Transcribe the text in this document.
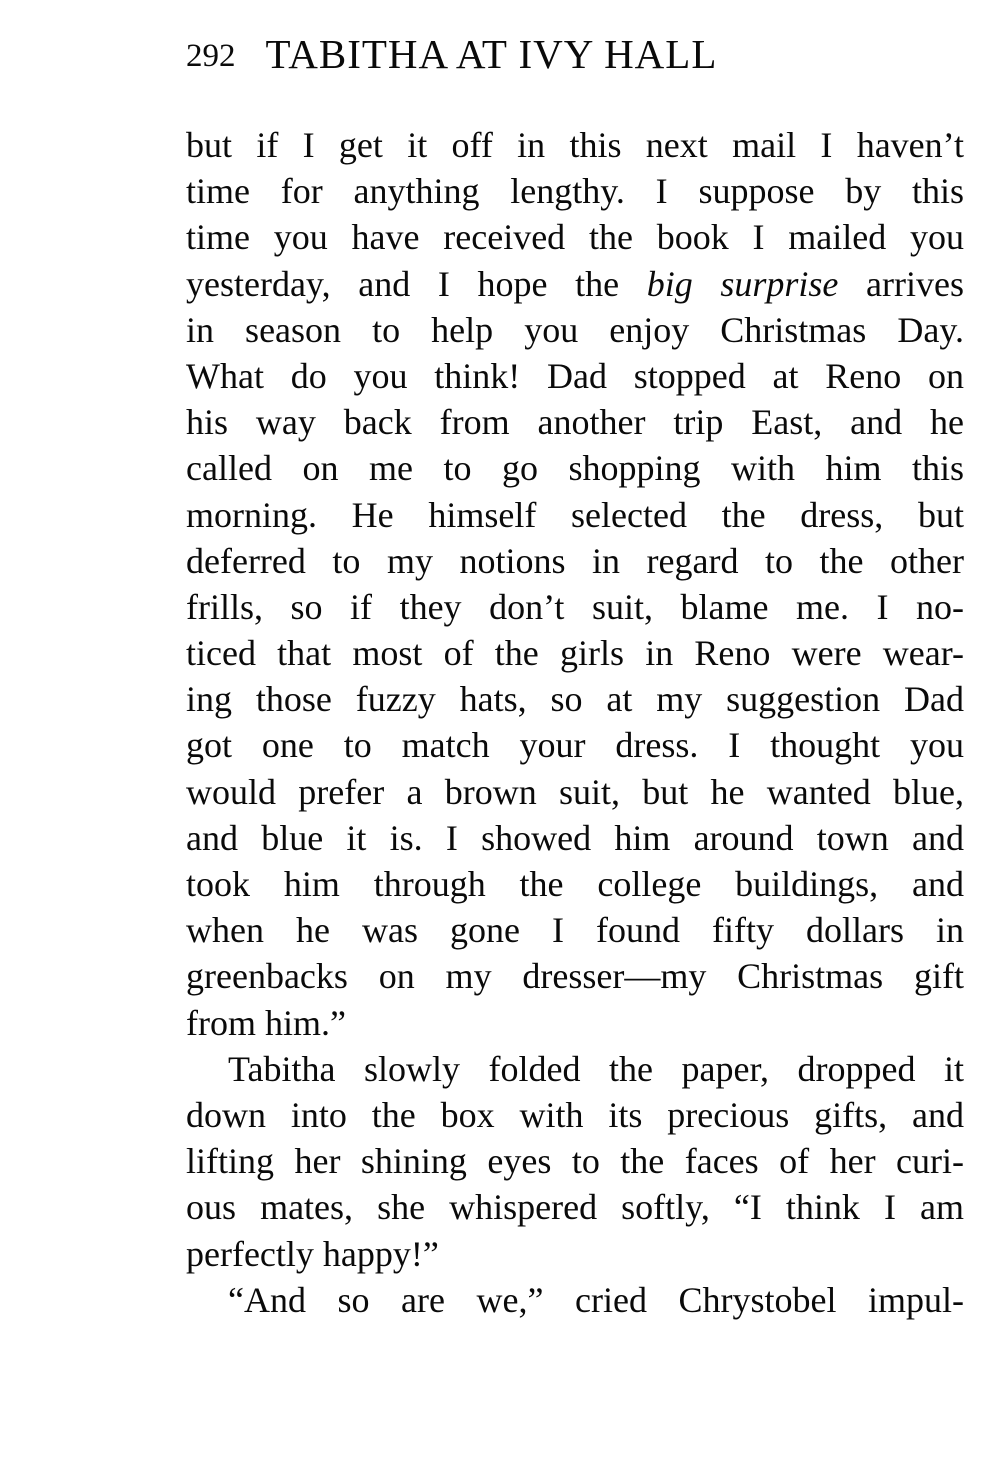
292 TABITHA AT IVY HALL
but if I get it off in this next mail I haven’t
time for anything lengthy. I suppose by this
time you have received the book I mailed you
yesterday, and I hope the big surprise arrives
in season to help you enjoy Christmas Day.
What do you think! Dad stopped at Reno on
his way back from another trip East, and he
called on me to go shopping with him this
morning. He himself selected the dress, but
deferred to my notions in regard to the other
frills, so if they don’t suit, blame me. I no-
ticed that most of the girls in Reno were wear-
ing those fuzzy hats, so at my suggestion Dad
got one to match your dress. I thought you
would prefer a brown suit, but he wanted blue,
and blue it is. I showed him around town and
took him through the college buildings, and
when he was gone I found fifty dollars in
greenbacks on my dresser—my Christmas gift
from him.”
Tabitha slowly folded the paper, dropped it
down into the box with its precious gifts, and
lifting her shining eyes to the faces of her curi-
ous mates, she whispered softly, “I think I am
perfectly happy!”
“And so are we,” cried Chrystobel impul-
